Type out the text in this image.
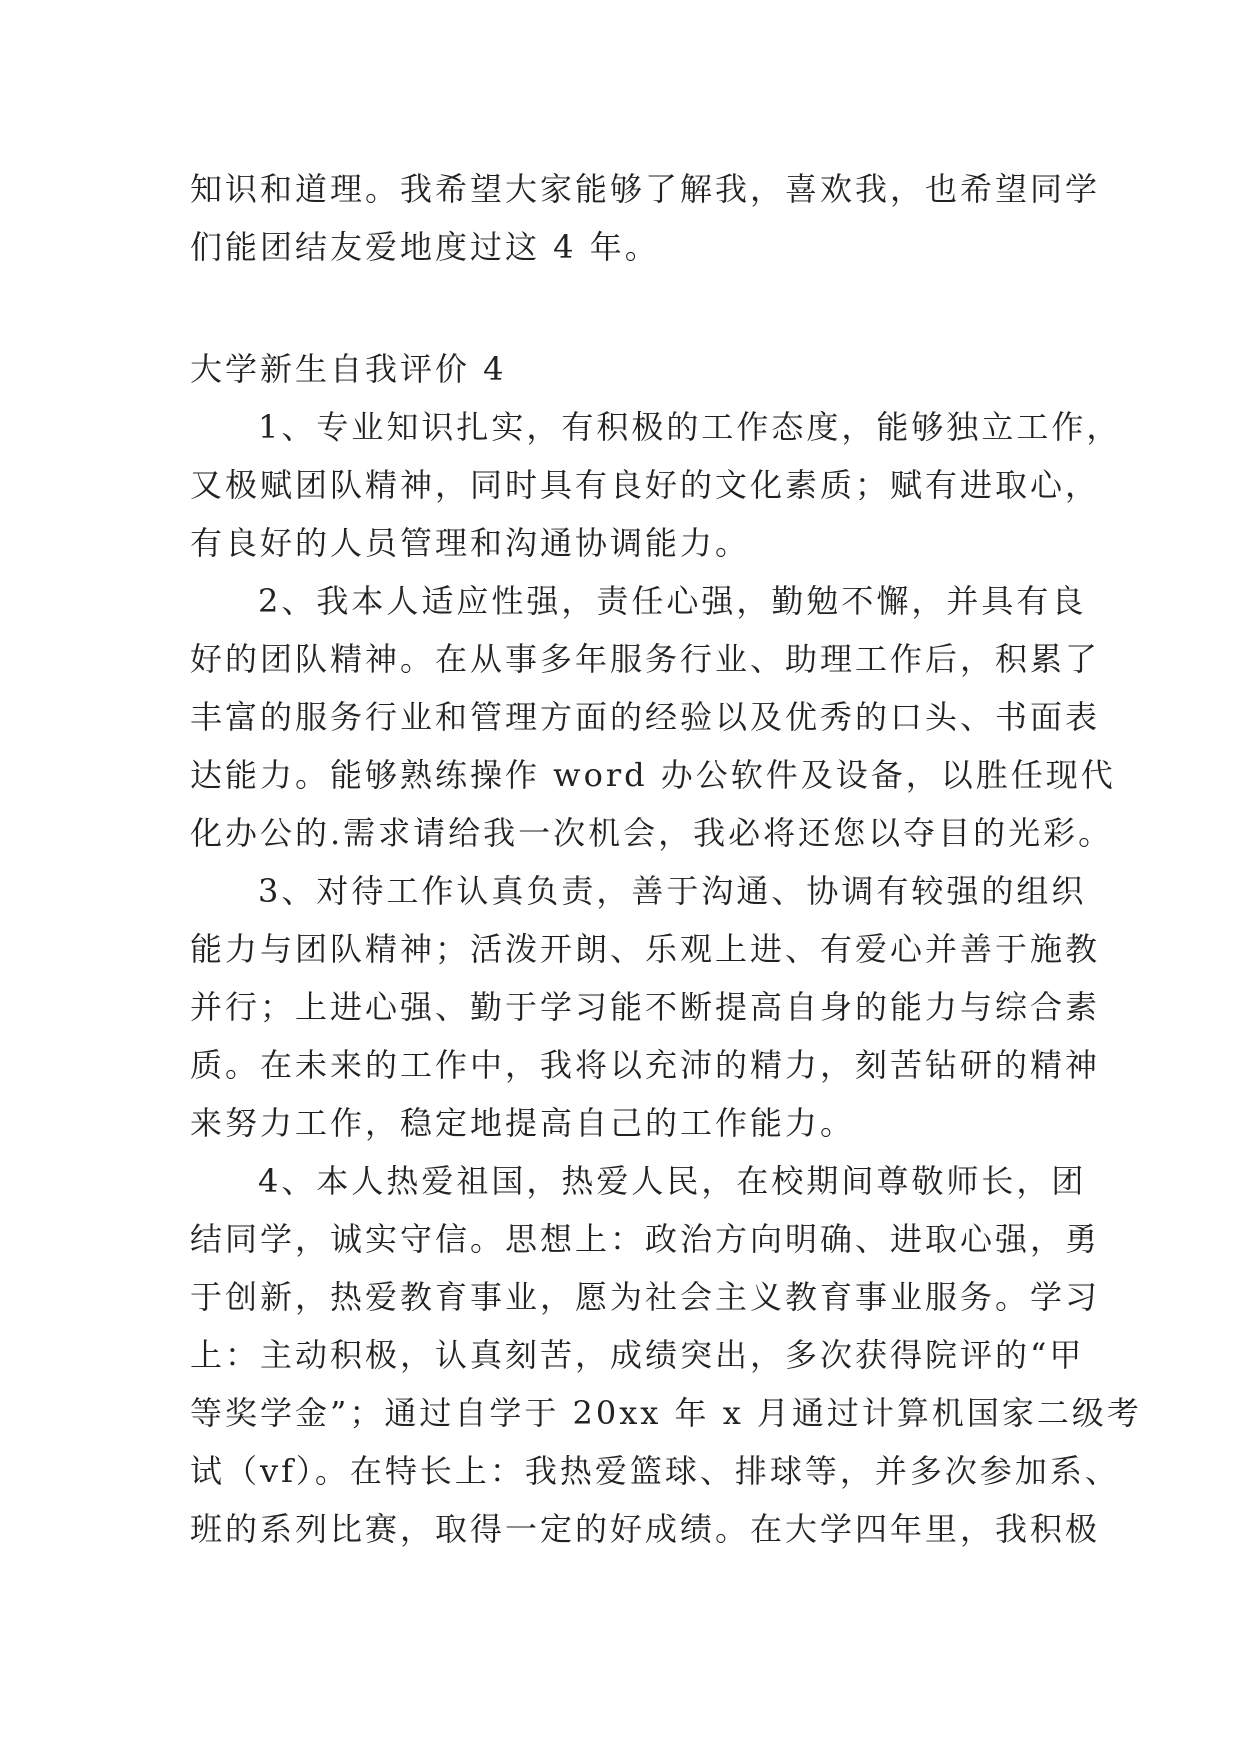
知识和道理。我希望大家能够了解我，喜欢我，也希望同学
们能团结友爱地度过这 4 年。
大学新生自我评价 4
1、专业知识扎实，有积极的工作态度，能够独立工作，
又极赋团队精神，同时具有良好的文化素质；赋有进取心，
有良好的人员管理和沟通协调能力。
2、我本人适应性强，责任心强，勤勉不懈，并具有良
好的团队精神。在从事多年服务行业、助理工作后，积累了
丰富的服务行业和管理方面的经验以及优秀的口头、书面表
达能力。能够熟练操作 word 办公软件及设备，以胜任现代
化办公的.需求请给我一次机会，我必将还您以夺目的光彩。
3、对待工作认真负责，善于沟通、协调有较强的组织
能力与团队精神；活泼开朗、乐观上进、有爱心并善于施教
并行；上进心强、勤于学习能不断提高自身的能力与综合素
质。在未来的工作中，我将以充沛的精力，刻苦钻研的精神
来努力工作，稳定地提高自己的工作能力。
4、本人热爱祖国，热爱人民，在校期间尊敬师长，团
结同学，诚实守信。思想上：政治方向明确、进取心强，勇
于创新，热爱教育事业，愿为社会主义教育事业服务。学习
上：主动积极，认真刻苦，成绩突出，多次获得院评的“甲
等奖学金”；通过自学于 20xx 年 x 月通过计算机国家二级考
试（vf）。在特长上：我热爱篮球、排球等，并多次参加系、
班的系列比赛，取得一定的好成绩。在大学四年里，我积极
